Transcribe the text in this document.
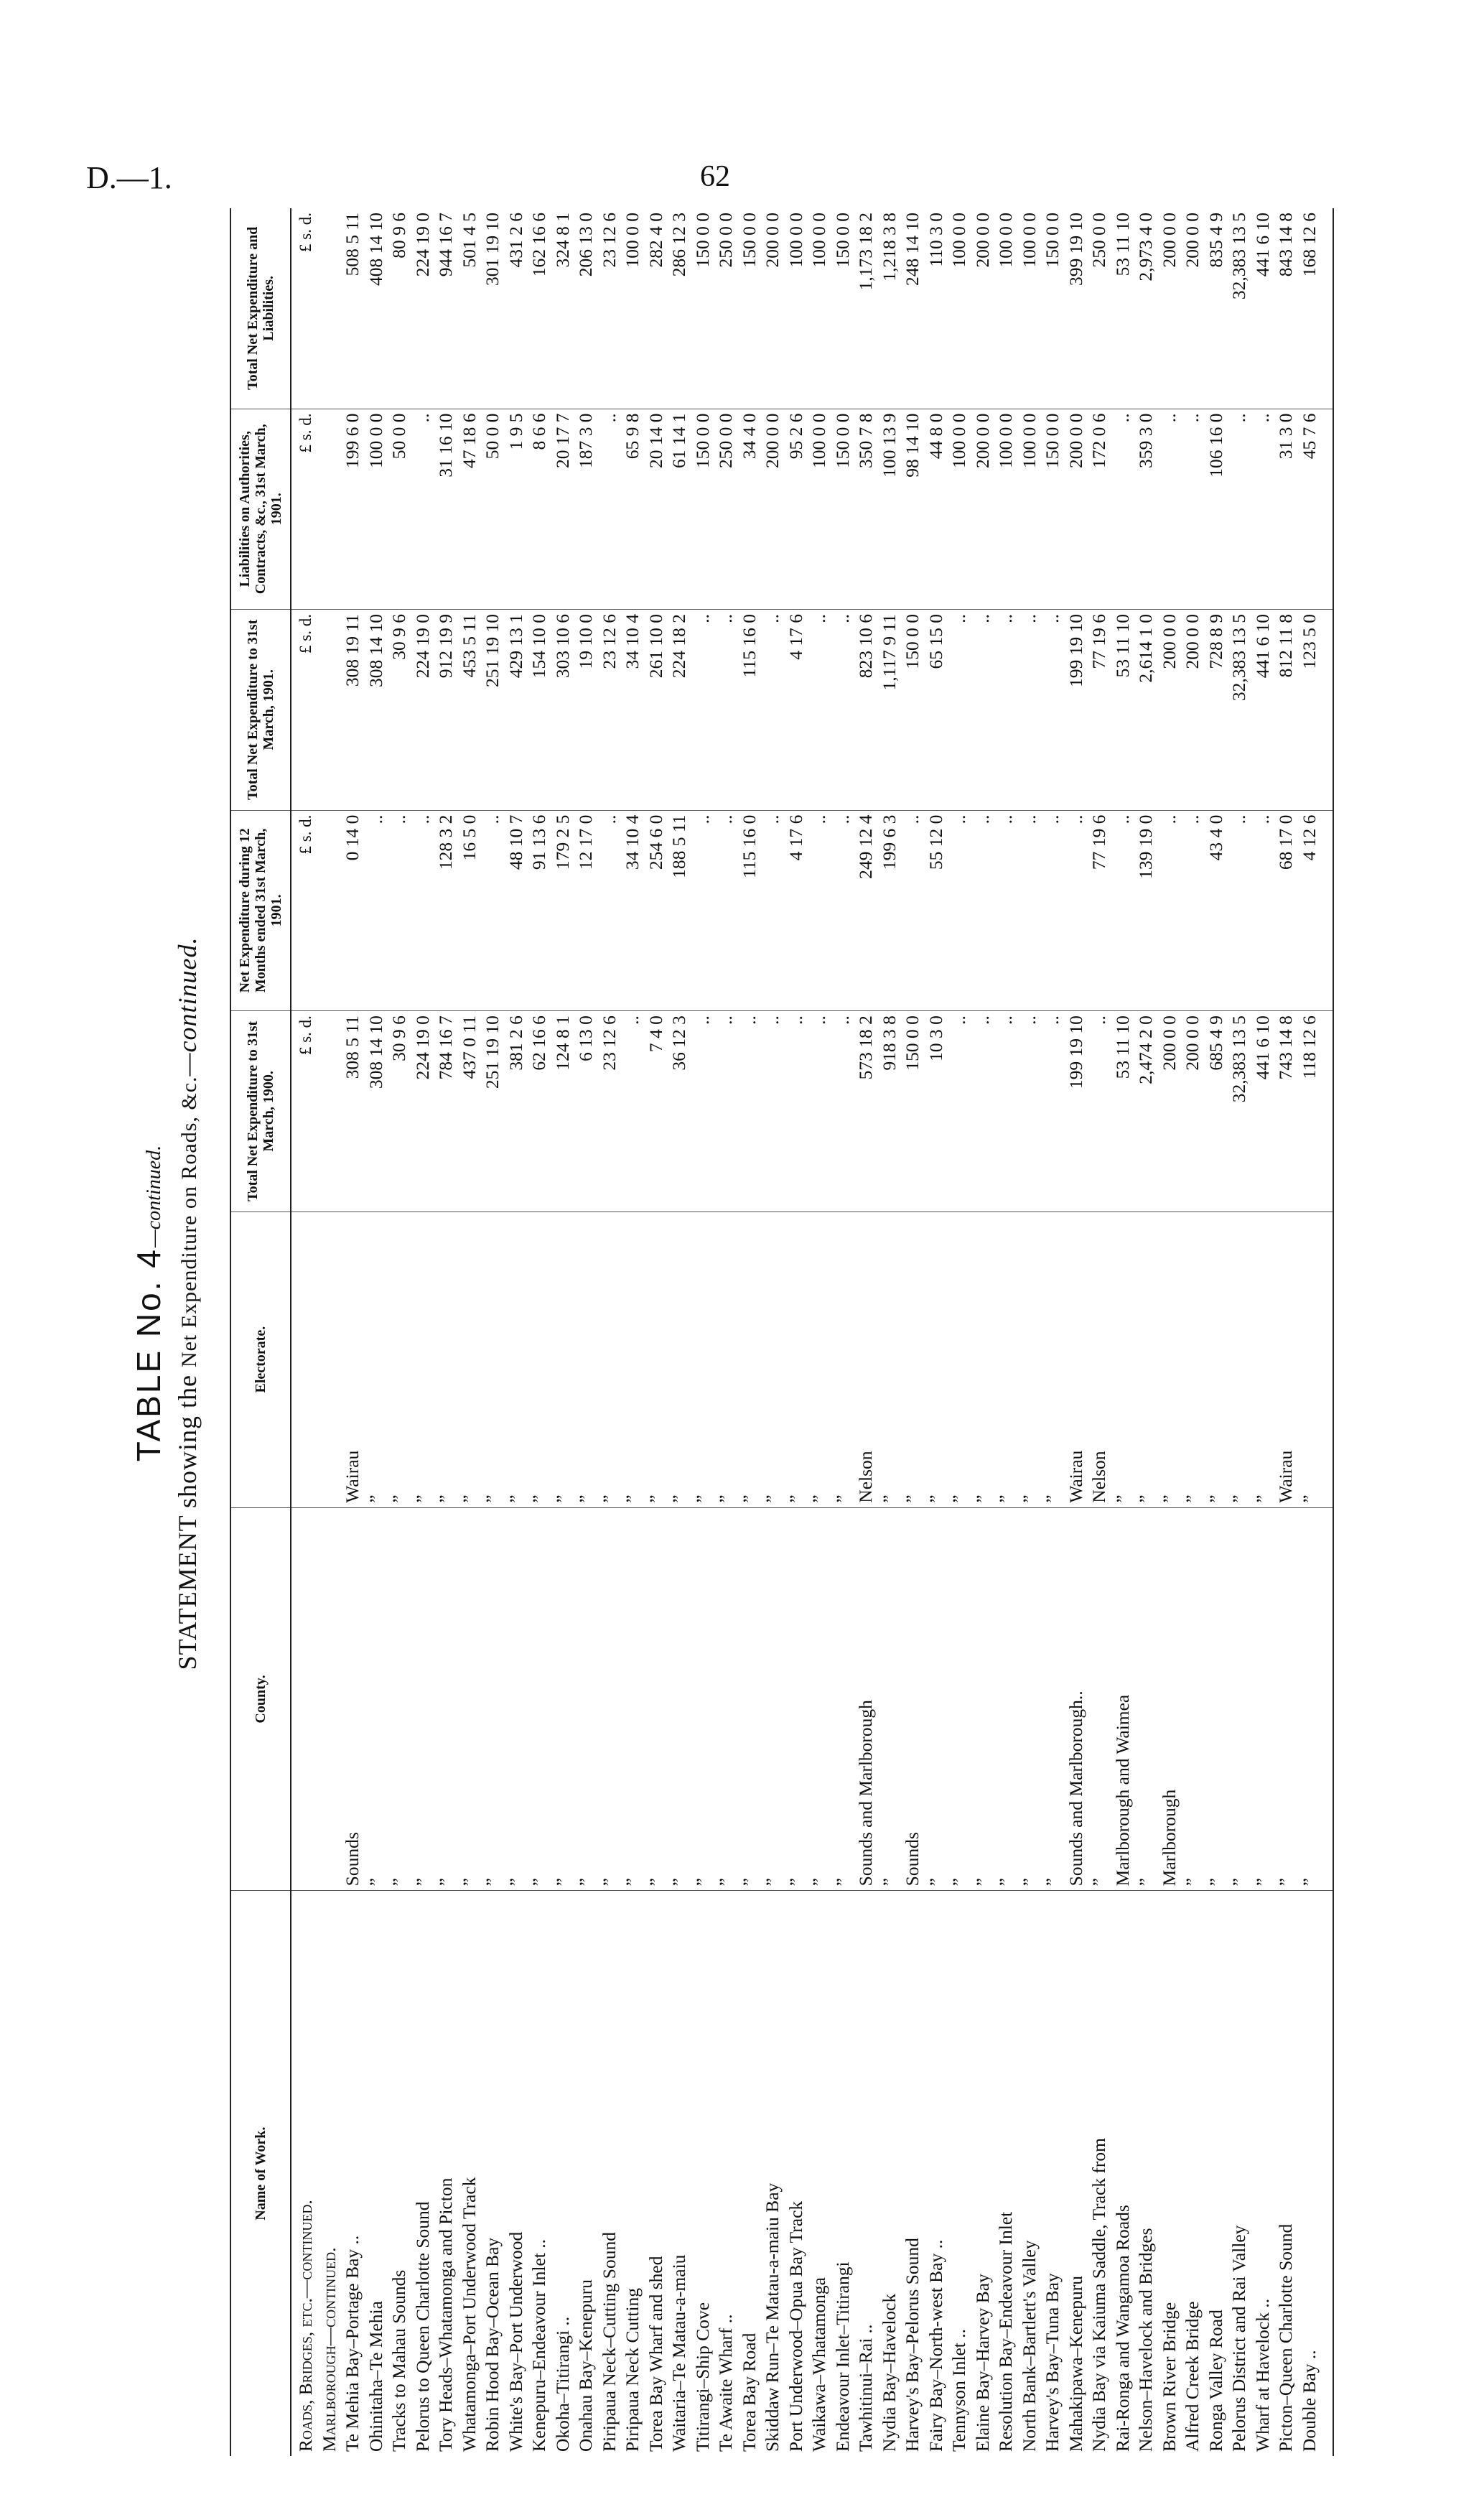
D.—1.	62
TABLE No. 4—continued.
STATEMENT showing the Net Expenditure on Roads, &c.—continued.
Name of Work.	County.	Electorate.	Total Net Expenditure to 31st March, 1900.	Net Expenditure during 12 Months ended 31st March, 1901.	Total Net Expenditure to 31st March, 1901.	Liabilities on Authorities, Contracts, &c., 31st March, 1901.	Total Net Expenditure and Liabilities.
Roads, Bridges, etc.—continued.			£ s. d.	£ s. d.	£ s. d.	£ s. d.	£ s. d.
Marlborough—continued.							
Te Mehia Bay–Portage Bay ..	Sounds	Wairau	308 5 11	0 14 0	308 19 11	199 6 0	508 5 11
Ohinitaha–Te Mehia	”	”	308 14 10	..	308 14 10	100 0 0	408 14 10
Tracks to Mahau Sounds	”	”	30 9 6	..	30 9 6	50 0 0	80 9 6
Pelorus to Queen Charlotte Sound	”	”	224 19 0	..	224 19 0	..	224 19 0
Tory Heads–Whatamonga and Picton	”	”	784 16 7	128 3 2	912 19 9	31 16 10	944 16 7
Whatamonga–Port Underwood Track	”	”	437 0 11	16 5 0	453 5 11	47 18 6	501 4 5
Robin Hood Bay–Ocean Bay	”	”	251 19 10	..	251 19 10	50 0 0	301 19 10
White's Bay–Port Underwood	”	”	381 2 6	48 10 7	429 13 1	1 9 5	431 2 6
Kenepuru–Endeavour Inlet ..	”	”	62 16 6	91 13 6	154 10 0	8 6 6	162 16 6
Okoha–Titirangi ..	”	”	124 8 1	179 2 5	303 10 6	20 17 7	324 8 1
Onahau Bay–Kenepuru	”	”	6 13 0	12 17 0	19 10 0	187 3 0	206 13 0
Piripaua Neck–Cutting Sound	”	”	23 12 6	..	23 12 6	..	23 12 6
Piripaua Neck Cutting	”	”	..	34 10 4	34 10 4	65 9 8	100 0 0
Torea Bay Wharf and shed	”	”	7 4 0	254 6 0	261 10 0	20 14 0	282 4 0
Waitaria–Te Matau-a-maiu	”	”	36 12 3	188 5 11	224 18 2	61 14 1	286 12 3
Titirangi–Ship Cove	”	”	..	..	..	150 0 0	150 0 0
Te Awaite Wharf ..	”	”	..	..	..	250 0 0	250 0 0
Torea Bay Road	”	”	..	115 16 0	115 16 0	34 4 0	150 0 0
Skiddaw Run–Te Matau-a-maiu Bay	”	”	..	..	..	200 0 0	200 0 0
Port Underwood–Opua Bay Track	”	”	..	4 17 6	4 17 6	95 2 6	100 0 0
Waikawa–Whatamonga	”	”	..	..	..	100 0 0	100 0 0
Endeavour Inlet–Titirangi	”	”	..	..	..	150 0 0	150 0 0
Tawhitinui–Rai ..	Sounds and Marlborough	Nelson	573 18 2	249 12 4	823 10 6	350 7 8	1,173 18 2
Nydia Bay–Havelock	”	”	918 3 8	199 6 3	1,117 9 11	100 13 9	1,218 3 8
Harvey's Bay–Pelorus Sound	Sounds	”	150 0 0	..	150 0 0	98 14 10	248 14 10
Fairy Bay–North-west Bay ..	”	”	10 3 0	55 12 0	65 15 0	44 8 0	110 3 0
Tennyson Inlet ..	”	”	..	..	..	100 0 0	100 0 0
Elaine Bay–Harvey Bay	”	”	..	..	..	200 0 0	200 0 0
Resolution Bay–Endeavour Inlet	”	”	..	..	..	100 0 0	100 0 0
North Bank–Bartlett's Valley	”	”	..	..	..	100 0 0	100 0 0
Harvey's Bay–Tuna Bay	”	”	..	..	..	150 0 0	150 0 0
Mahakipawa–Kenepuru	Sounds and Marlborough..	Wairau	199 19 10	..	199 19 10	200 0 0	399 19 10
Nydia Bay via Kaiuma Saddle, Track from	”	Nelson	..	77 19 6	77 19 6	172 0 6	250 0 0
Rai-Ronga and Wangamoa Roads	Marlborough and Waimea	”	53 11 10	..	53 11 10	..	53 11 10
Nelson–Havelock and Bridges	”	”	2,474 2 0	139 19 0	2,614 1 0	359 3 0	2,973 4 0
Brown River Bridge	Marlborough	”	200 0 0	..	200 0 0	..	200 0 0
Alfred Creek Bridge	”	”	200 0 0	..	200 0 0	..	200 0 0
Ronga Valley Road	”	”	685 4 9	43 4 0	728 8 9	106 16 0	835 4 9
Pelorus District and Rai Valley	”	”	32,383 13 5	..	32,383 13 5	..	32,383 13 5
Wharf at Havelock ..	”	”	441 6 10	..	441 6 10	..	441 6 10
Picton–Queen Charlotte Sound	”	Wairau	743 14 8	68 17 0	812 11 8	31 3 0	843 14 8
Double Bay ..	”	”	118 12 6	4 12 6	123 5 0	45 7 6	168 12 6
